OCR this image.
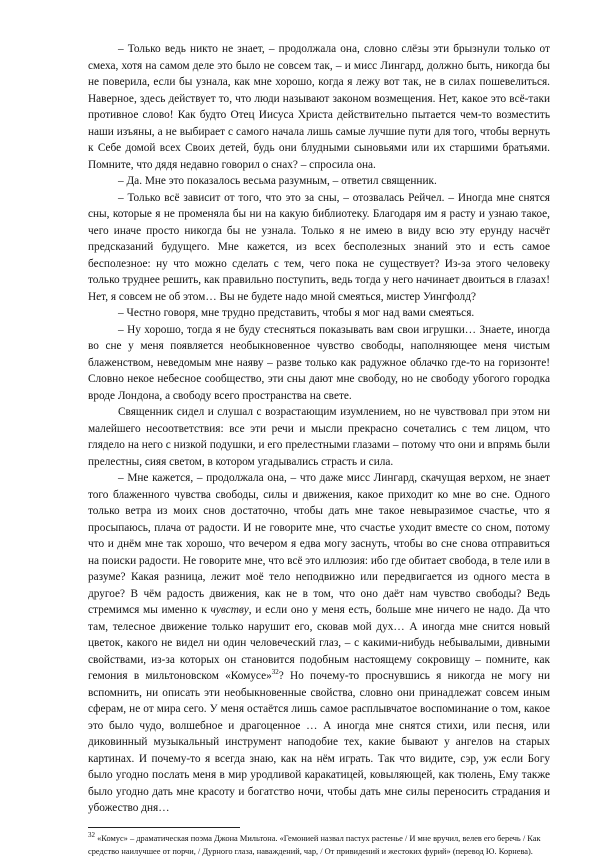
– Только ведь никто не знает, – продолжала она, словно слёзы эти брызнули только от смеха, хотя на самом деле это было не совсем так, – и мисс Лингард, должно быть, никогда бы не поверила, если бы узнала, как мне хорошо, когда я лежу вот так, не в силах пошевелиться. Наверное, здесь действует то, что люди называют законом возмещения. Нет, какое это всё-таки противное слово! Как будто Отец Иисуса Христа действительно пытается чем-то возместить наши изъяны, а не выбирает с самого начала лишь самые лучшие пути для того, чтобы вернуть к Себе домой всех Своих детей, будь они блудными сыновьями или их старшими братьями. Помните, что дядя недавно говорил о снах? – спросила она.

– Да. Мне это показалось весьма разумным, – ответил священник.

– Только всё зависит от того, что это за сны, – отозвалась Рейчел. – Иногда мне снятся сны, которые я не променяла бы ни на какую библиотеку. Благодаря им я расту и узнаю такое, чего иначе просто никогда бы не узнала. Только я не имею в виду всю эту ерунду насчёт предсказаний будущего. Мне кажется, из всех бесполезных знаний это и есть самое бесполезное: ну что можно сделать с тем, чего пока не существует? Из-за этого человеку только труднее решить, как правильно поступить, ведь тогда у него начинает двоиться в глазах! Нет, я совсем не об этом… Вы не будете надо мной смеяться, мистер Уингфолд?

– Честно говоря, мне трудно представить, чтобы я мог над вами смеяться.

– Ну хорошо, тогда я не буду стесняться показывать вам свои игрушки… Знаете, иногда во сне у меня появляется необыкновенное чувство свободы, наполняющее меня чистым блаженством, неведомым мне наяву – разве только как радужное облачко где-то на горизонте! Словно некое небесное сообщество, эти сны дают мне свободу, но не свободу убогого городка вроде Лондона, а свободу всего пространства на свете.

Священник сидел и слушал с возрастающим изумлением, но не чувствовал при этом ни малейшего несоответствия: все эти речи и мысли прекрасно сочетались с тем лицом, что глядело на него с низкой подушки, и его прелестными глазами – потому что они и впрямь были прелестны, сияя светом, в котором угадывались страсть и сила.

– Мне кажется, – продолжала она, – что даже мисс Лингард, скачущая верхом, не знает того блаженного чувства свободы, силы и движения, какое приходит ко мне во сне. Одного только ветра из моих снов достаточно, чтобы дать мне такое невыразимое счастье, что я просыпаюсь, плача от радости. И не говорите мне, что счастье уходит вместе со сном, потому что и днём мне так хорошо, что вечером я едва могу заснуть, чтобы во сне снова отправиться на поиски радости. Не говорите мне, что всё это иллюзия: ибо где обитает свобода, в теле или в разуме? Какая разница, лежит моё тело неподвижно или передвигается из одного места в другое? В чём радость движения, как не в том, что оно даёт нам чувство свободы? Ведь стремимся мы именно к чувству, и если оно у меня есть, больше мне ничего не надо. Да что там, телесное движение только нарушит его, сковав мой дух… А иногда мне снится новый цветок, какого не видел ни один человеческий глаз, – с какими-нибудь небывалыми, дивными свойствами, из-за которых он становится подобным настоящему сокровищу – помните, как гемония в мильтоновском «Комусе»$^{32}$? Но почему-то проснувшись я никогда не могу ни вспомнить, ни описать эти необыкновенные свойства, словно они принадлежат совсем иным сферам, не от мира сего. У меня остаётся лишь самое расплывчатое воспоминание о том, какое это было чудо, волшебное и драгоценное … А иногда мне снятся стихи, или песня, или диковинный музыкальный инструмент наподобие тех, какие бывают у ангелов на старых картинах. И почему-то я всегда знаю, как на нём играть. Так что видите, сэр, уж если Богу было угодно послать меня в мир уродливой каракатицей, ковыляющей, как тюлень, Ему также было угодно дать мне красоту и богатство ночи, чтобы дать мне силы переносить страдания и убожество дня…

$^{32}$ «Комус» – драматическая поэма Джона Мильтона. «Гемонией назвал пастух растенье / И мне вручил, велев его беречь / Как средство наилучшее от порчи, / Дурного глаза, наваждений, чар, / От привидений и жестоких фурий» (перевод Ю. Корнева).
